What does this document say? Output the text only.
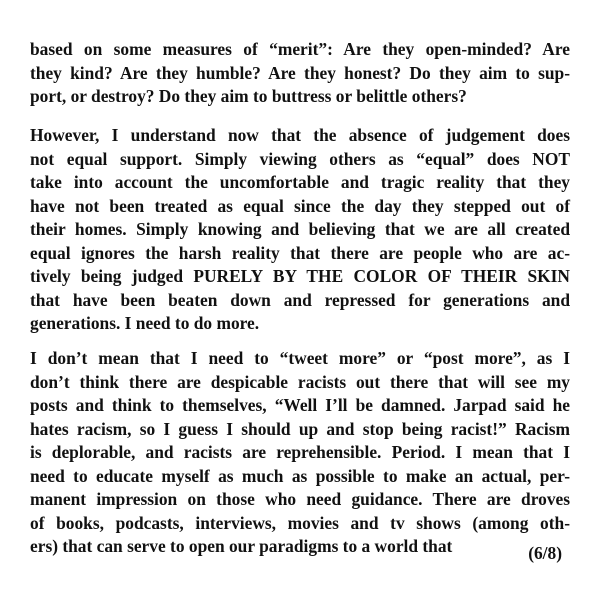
based on some measures of “merit”: Are they open-minded? Are
they kind? Are they humble? Are they honest? Do they aim to sup-
port, or destroy? Do they aim to buttress or belittle others?
However, I understand now that the absence of judgement does
not equal support. Simply viewing others as “equal” does NOT
take into account the uncomfortable and tragic reality that they
have not been treated as equal since the day they stepped out of
their homes. Simply knowing and believing that we are all created
equal ignores the harsh reality that there are people who are ac-
tively being judged PURELY BY THE COLOR OF THEIR SKIN
that have been beaten down and repressed for generations and
generations. I need to do more.
I don’t mean that I need to “tweet more” or “post more”, as I
don’t think there are despicable racists out there that will see my
posts and think to themselves, “Well I’ll be damned. Jarpad said he
hates racism, so I guess I should up and stop being racist!” Racism
is deplorable, and racists are reprehensible. Period. I mean that I
need to educate myself as much as possible to make an actual, per-
manent impression on those who need guidance. There are droves
of books, podcasts, interviews, movies and tv shows (among oth-
ers) that can serve to open our paradigms to a world that	(6/8)
